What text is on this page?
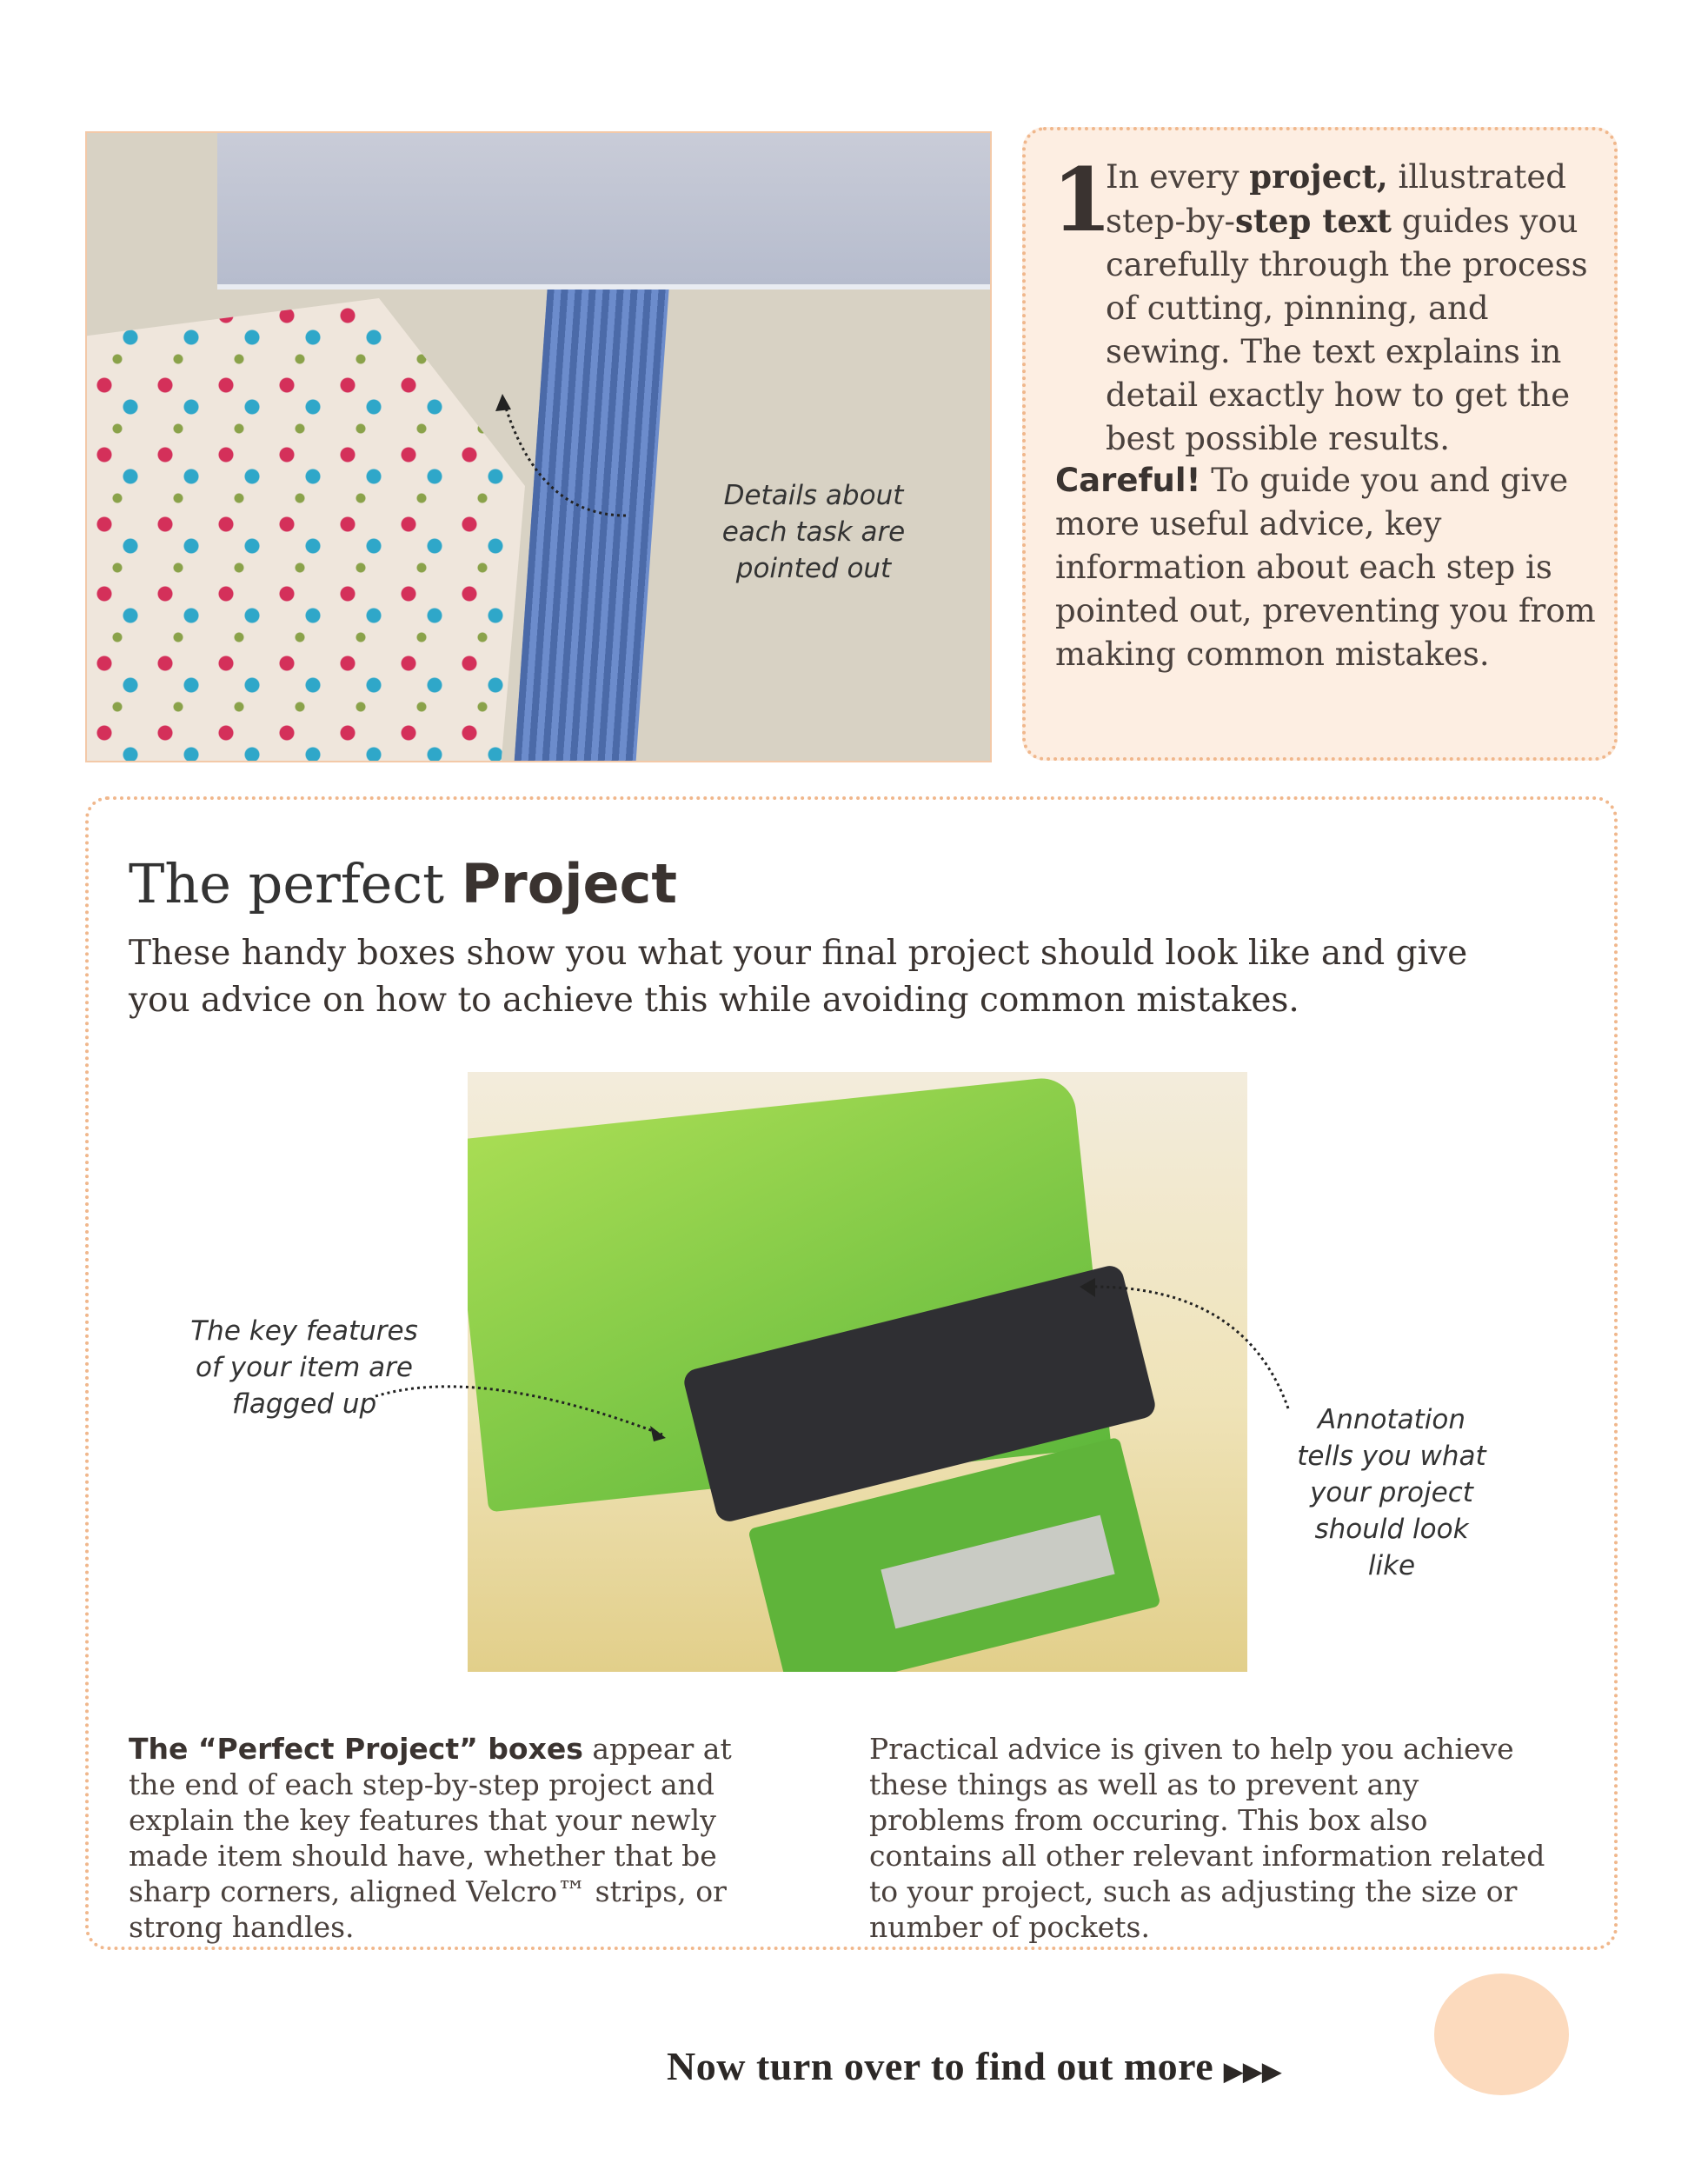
Details about each task are pointed out
1
In every project, illustrated step-by-step text guides you carefully through the process of cutting, pinning, and sewing. The text explains in detail exactly how to get the best possible results.
Careful! To guide you and give more useful advice, key information about each step is pointed out, preventing you from making common mistakes.
The perfect Project
These handy boxes show you what your final project should look like and give you advice on how to achieve this while avoiding common mistakes.
The key features of your item are flagged up	Annotation tells you what your project should look like
The “Perfect Project” boxes appear at the end of each step-by-step project and explain the key features that your newly made item should have, whether that be sharp corners, aligned Velcro™ strips, or strong handles.
Practical advice is given to help you achieve these things as well as to prevent any problems from occuring. This box also contains all other relevant information related to your project, such as adjusting the size or number of pockets.
Now turn over to find out more ▶▶▶
